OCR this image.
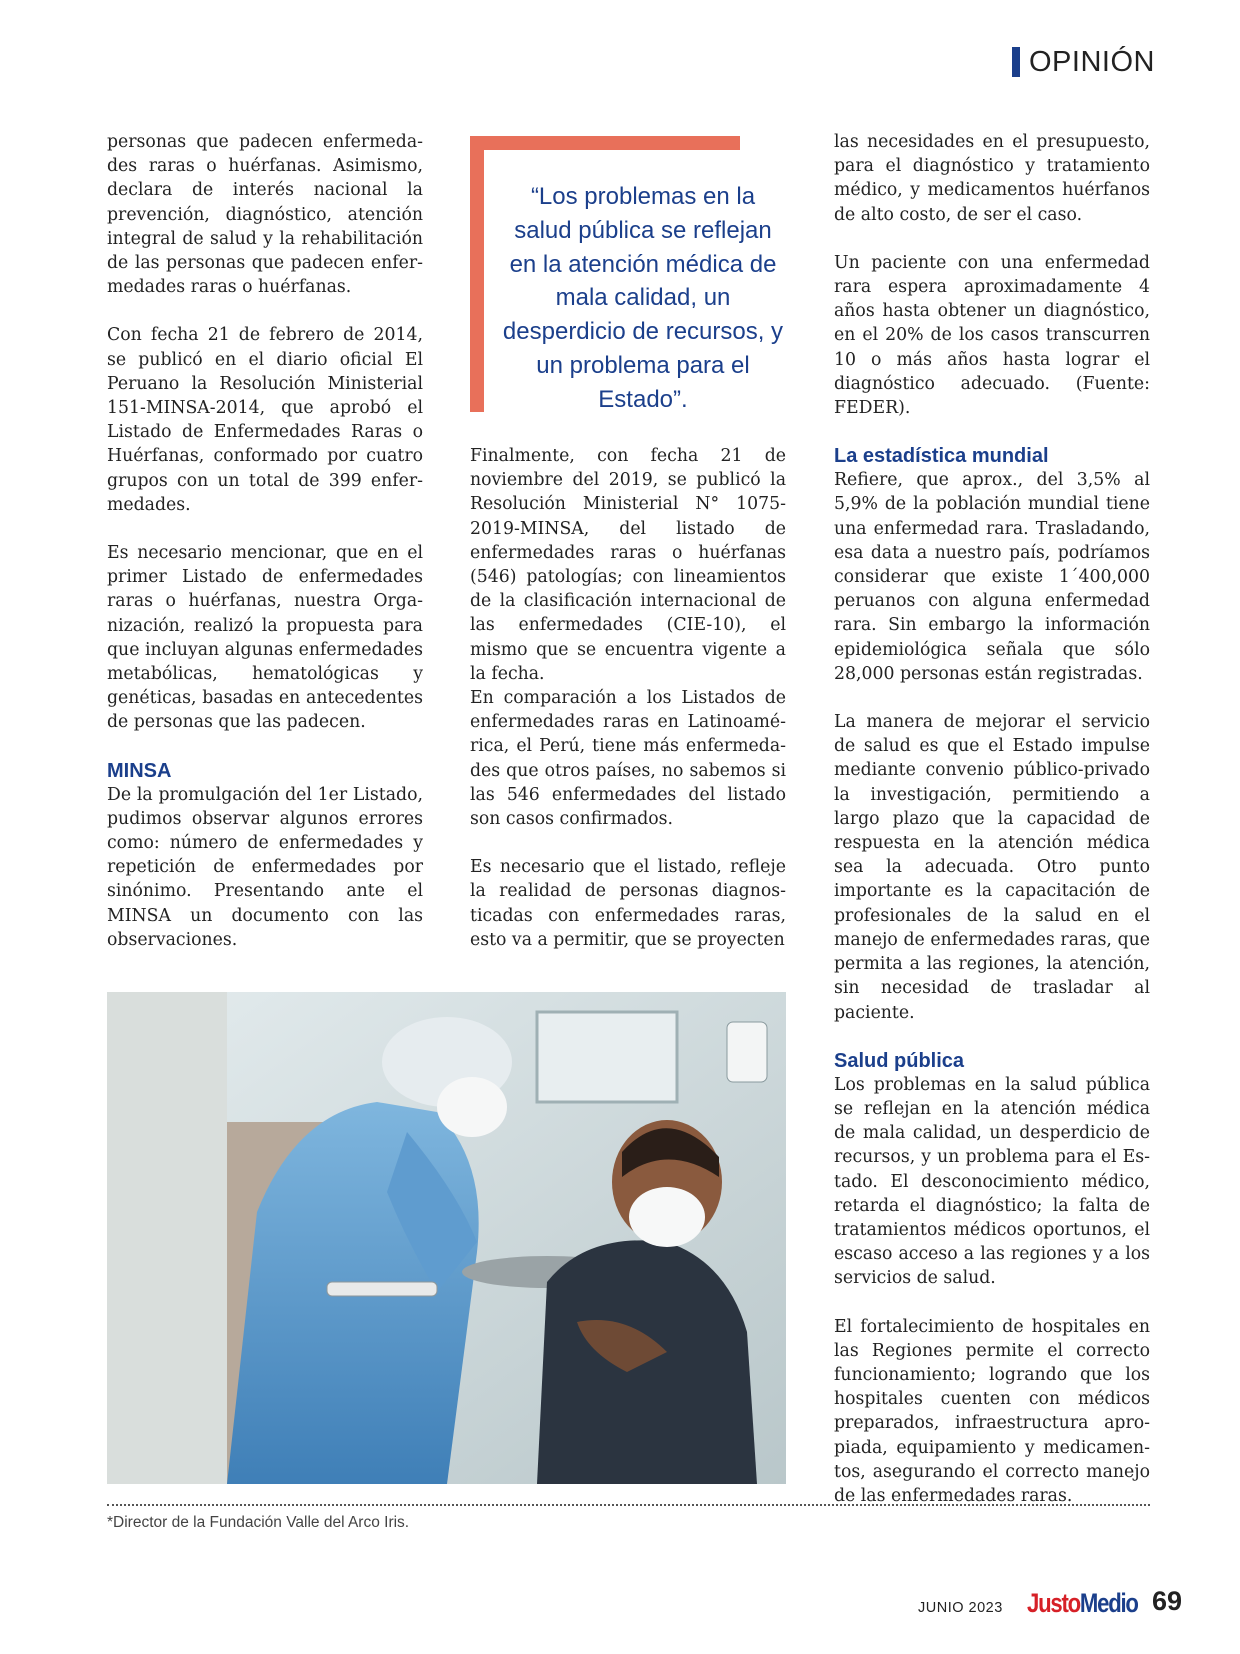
OPINIÓN

personas que padecen enfermedades raras o huérfanas. Asimismo, declara de interés nacional la prevención, diagnóstico, atención integral de salud y la rehabilitación de las personas que padecen enfermedades raras o huérfanas.

Con fecha 21 de febrero de 2014, se publicó en el diario oficial El Peruano la Resolución Ministerial 151-MINSA-2014, que aprobó el Listado de Enfermedades Raras o Huérfanas, conformado por cuatro grupos con un total de 399 enfermedades.

Es necesario mencionar, que en el primer Listado de enfermedades raras o huérfanas, nuestra Organización, realizó la propuesta para que incluyan algunas enfermedades metabólicas, hematológicas y genéticas, basadas en antecedentes de personas que las padecen.

MINSA

De la promulgación del 1er Listado, pudimos observar algunos errores como: número de enfermedades y repetición de enfermedades por sinónimo. Presentando ante el MINSA un documento con las observaciones.

“Los problemas en la salud pública se reflejan en la atención médica de mala calidad, un desperdicio de recursos, y un problema para el Estado”.

Finalmente, con fecha 21 de noviembre del 2019, se publicó la Resolución Ministerial N° 1075-2019-MINSA, del listado de enfermedades raras o huérfanas (546) patologías; con lineamientos de la clasificación internacional de las enfermedades (CIE-10), el mismo que se encuentra vigente a la fecha.

En comparación a los Listados de enfermedades raras en Latinoamérica, el Perú, tiene más enfermedades que otros países, no sabemos si las 546 enfermedades del listado son casos confirmados.

Es necesario que el listado, refleje la realidad de personas diagnosticadas con enfermedades raras, esto va a permitir, que se proyecten

las necesidades en el presupuesto, para el diagnóstico y tratamiento médico, y medicamentos huérfanos de alto costo, de ser el caso.

Un paciente con una enfermedad rara espera aproximadamente 4 años hasta obtener un diagnóstico, en el 20% de los casos transcurren 10 o más años hasta lograr el diagnóstico adecuado. (Fuente: FEDER).

La estadística mundial

Refiere, que aprox., del 3,5% al 5,9% de la población mundial tiene una enfermedad rara. Trasladando, esa data a nuestro país, podríamos considerar que existe 1´400,000 peruanos con alguna enfermedad rara. Sin embargo la información epidemiológica señala que sólo 28,000 personas están registradas.

La manera de mejorar el servicio de salud es que el Estado impulse mediante convenio público-privado la investigación, permitiendo a largo plazo que la capacidad de respuesta en la atención médica sea la adecuada. Otro punto importante es la capacitación de profesionales de la salud en el manejo de enfermedades raras, que permita a las regiones, la atención, sin necesidad de trasladar al paciente.

Salud pública

Los problemas en la salud pública se reflejan en la atención médica de mala calidad, un desperdicio de recursos, y un problema para el Estado. El desconocimiento médico, retarda el diagnóstico; la falta de tratamientos médicos oportunos, el escaso acceso a las regiones y a los servicios de salud.

El fortalecimiento de hospitales en las Regiones permite el correcto funcionamiento; logrando que los hospitales cuenten con médicos preparados, infraestructura apropiada, equipamiento y medicamentos, asegurando el correcto manejo de las enfermedades raras.

*Director de la Fundación Valle del Arco Iris.
JUNIO 2023 JustoMedio 69
